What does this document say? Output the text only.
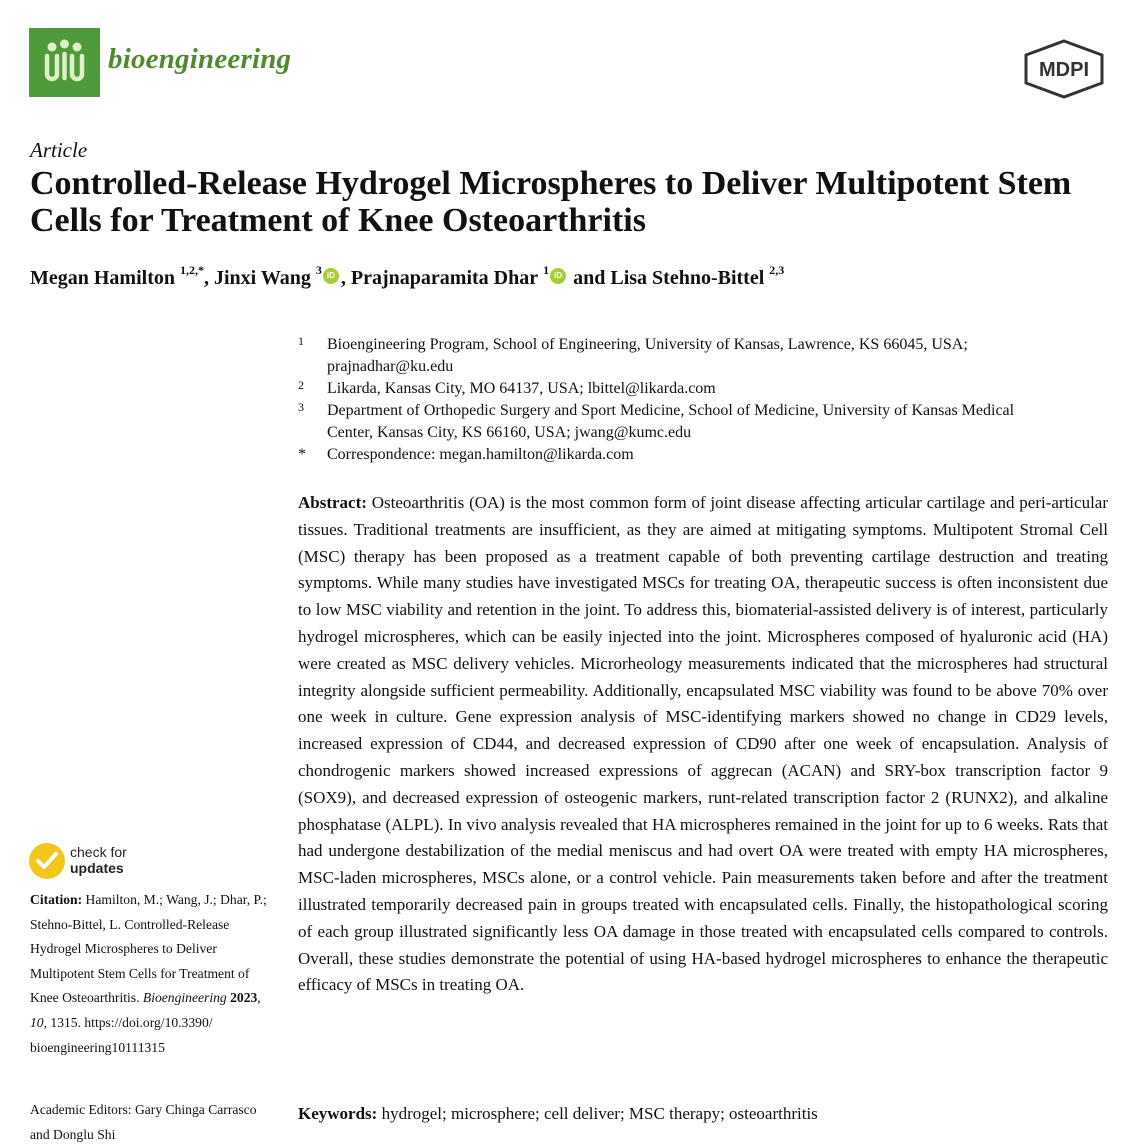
bioengineering	MDPI
Article
Controlled-Release Hydrogel Microspheres to Deliver Multipotent Stem Cells for Treatment of Knee Osteoarthritis
Megan Hamilton $^{1,2,*}$, Jinxi Wang $^3$ iD , Prajnaparamita Dhar $^1$ iD and Lisa Stehno-Bittel $^{2,3}$
1 Bioengineering Program, School of Engineering, University of Kansas, Lawrence, KS 66045, USA;
prajnadhar@ku.edu
2 Likarda, Kansas City, MO 64137, USA; lbittel@likarda.com
3 Department of Orthopedic Surgery and Sport Medicine, School of Medicine, University of Kansas Medical
Center, Kansas City, KS 66160, USA; jwang@kumc.edu
* Correspondence: megan.hamilton@likarda.com
Abstract: Osteoarthritis (OA) is the most common form of joint disease affecting articular cartilage and peri-articular tissues. Traditional treatments are insufficient, as they are aimed at mitigating symptoms. Multipotent Stromal Cell (MSC) therapy has been proposed as a treatment capable of both preventing cartilage destruction and treating symptoms. While many studies have investigated MSCs for treating OA, therapeutic success is often inconsistent due to low MSC viability and retention in the joint. To address this, biomaterial-assisted delivery is of interest, particularly hydrogel microspheres, which can be easily injected into the joint. Microspheres composed of hyaluronic acid (HA) were created as MSC delivery vehicles. Microrheology measurements indicated that the microspheres had structural integrity alongside sufficient permeability. Additionally, encapsulated MSC viability was found to be above 70% over one week in culture. Gene expression analysis of MSC-identifying markers showed no change in CD29 levels, increased expression of CD44, and decreased expression of CD90 after one week of encapsulation. Analysis of chondrogenic markers showed increased expressions of aggrecan (ACAN) and SRY-box transcription factor 9 (SOX9), and decreased expression of osteogenic markers, runt-related transcription factor 2 (RUNX2), and alkaline phosphatase (ALPL). In vivo analysis revealed that HA microspheres remained in the joint for up to 6 weeks. Rats that had undergone destabilization of the medial meniscus and had overt OA were treated with empty HA microspheres, MSC-laden microspheres, MSCs alone, or a control vehicle. Pain measurements taken before and after the treatment illustrated temporarily decreased pain in groups treated with encapsulated cells. Finally, the histopathological scoring of each group illustrated significantly less OA damage in those treated with encapsulated cells compared to controls. Overall, these studies demonstrate the potential of using HA-based hydrogel microspheres to enhance the therapeutic efficacy of MSCs in treating OA.
Keywords: hydrogel; microsphere; cell deliver; MSC therapy; osteoarthritis
check for
updates
Citation: Hamilton, M.; Wang, J.; Dhar, P.; Stehno-Bittel, L. Controlled-Release Hydrogel Microspheres to Deliver Multipotent Stem Cells for Treatment of Knee Osteoarthritis. Bioengineering 2023, 10, 1315. https://doi.org/10.3390/ bioengineering10111315
Academic Editors: Gary Chinga Carrasco and Donglu Shi
